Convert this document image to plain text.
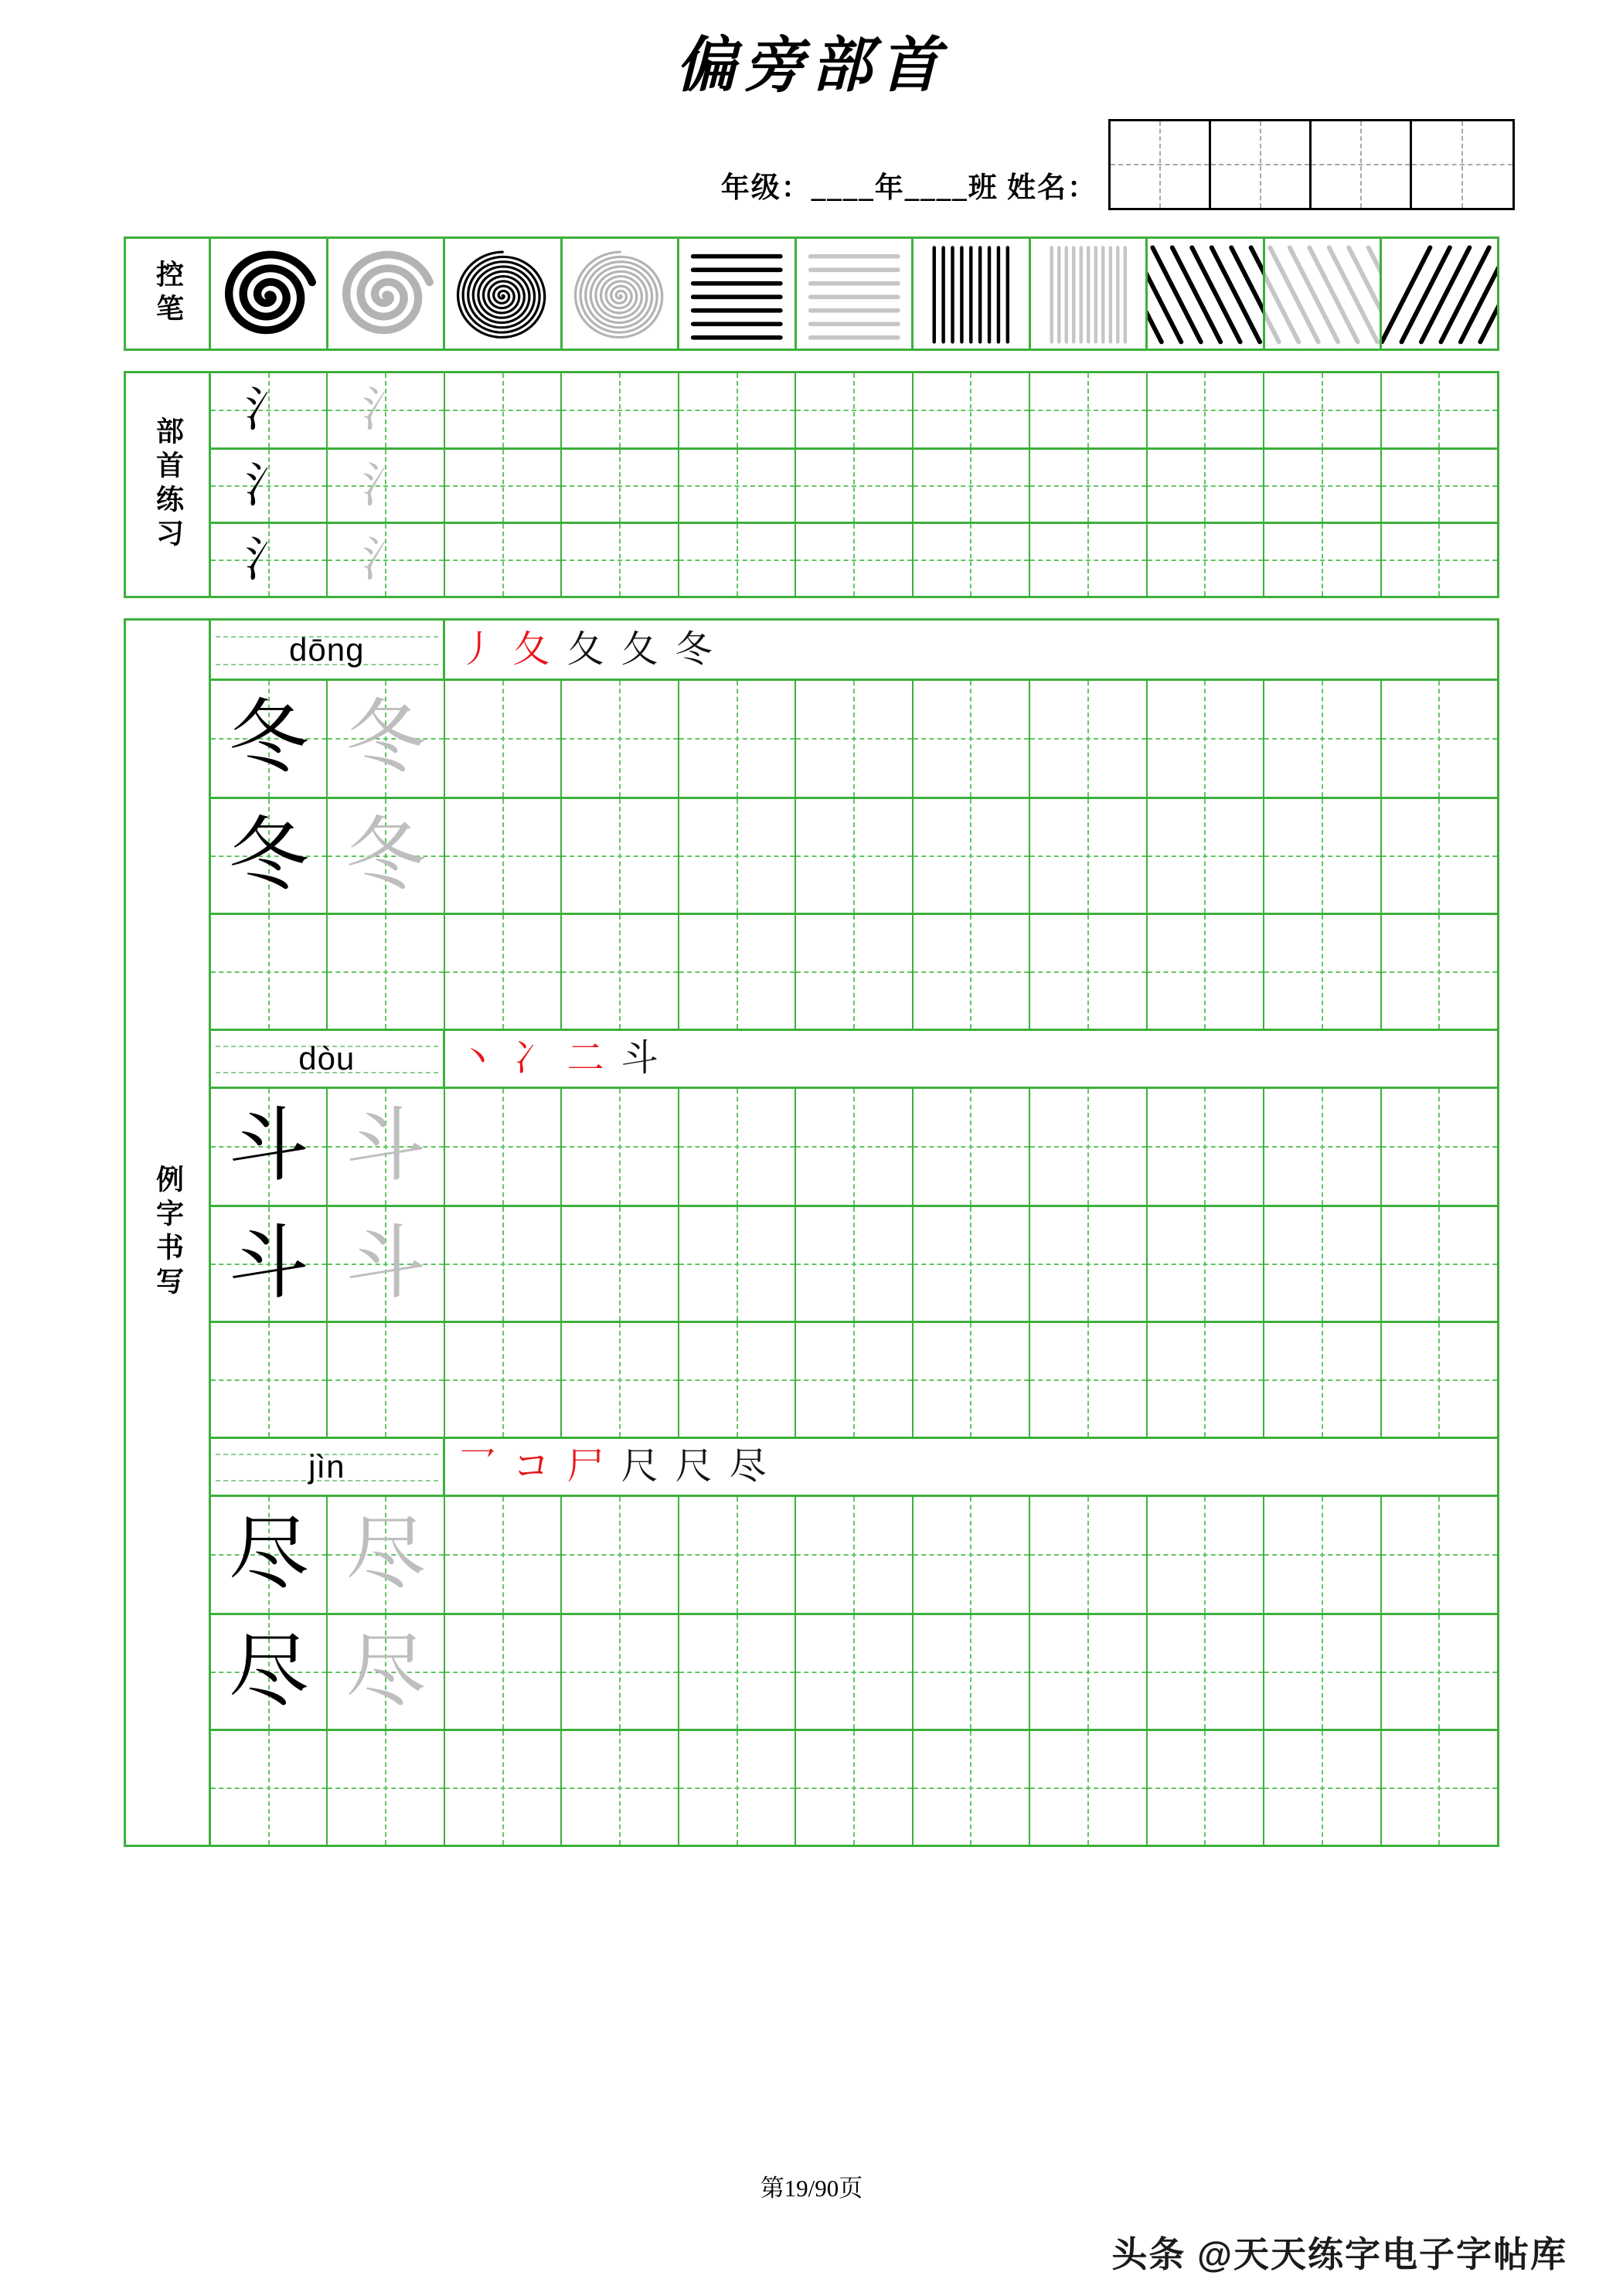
偏旁部首
年级：____年____班 姓名：
控笔
部首练习
氵	氵
氵	氵
氵	氵
例字书写
dōng	丿 夂 夂 夂 冬
冬 冬
冬 冬
dòu	丶 冫 二 斗
斗 斗
斗 斗
jìn	乛 コ 尸 尺 尺 尽
尽 尽
尽 尽
第19/90页
头条 @天天练字电子字帖库
